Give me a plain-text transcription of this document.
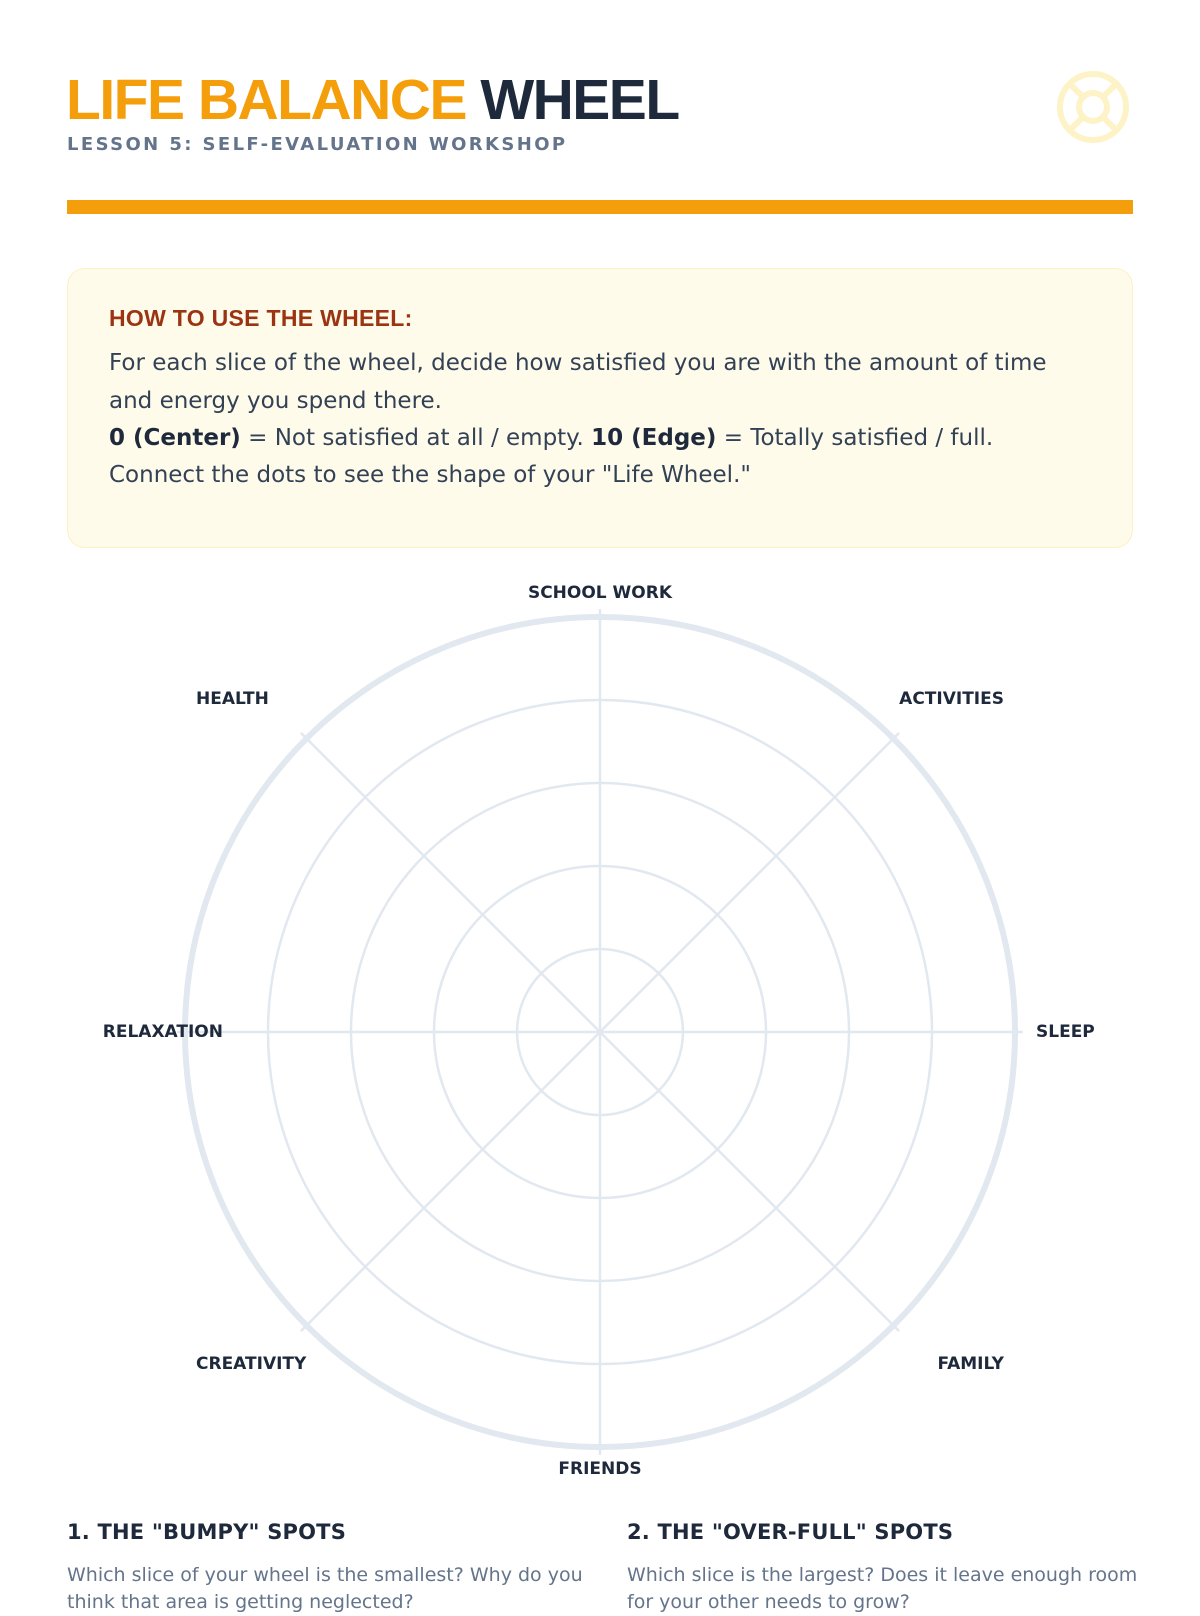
LIFE BALANCE WHEEL
LESSON 5: SELF-EVALUATION WORKSHOP
HOW TO USE THE WHEEL:

For each slice of the wheel, decide how satisfied you are with the amount of time and energy you spend there.

0 (Center) = Not satisfied at all / empty. 10 (Edge) = Totally satisfied / full.

Connect the dots to see the shape of your "Life Wheel."

SCHOOL WORK
ACTIVITIES
SLEEP
FAMILY
FRIENDS
CREATIVITY
RELAXATION
HEALTH
1. THE "BUMPY" SPOTS

Which slice of your wheel is the smallest? Why do you think that area is getting neglected?

2. THE "OVER-FULL" SPOTS

Which slice is the largest? Does it leave enough room for your other needs to grow?
